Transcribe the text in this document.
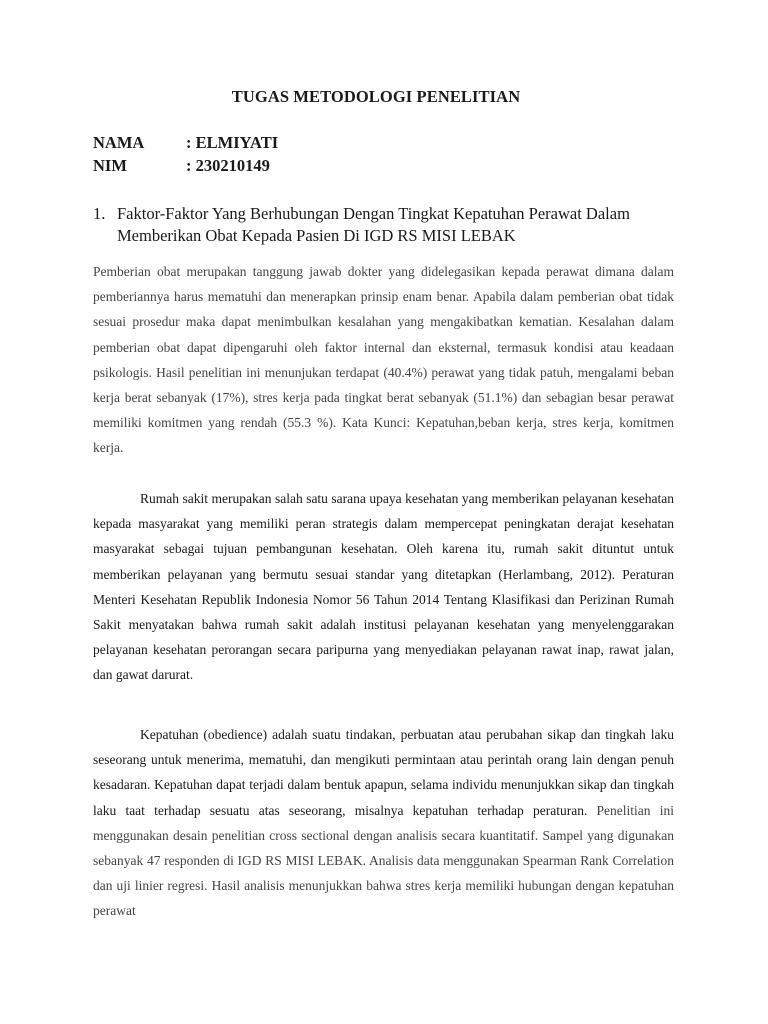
TUGAS METODOLOGI PENELITIAN
NAMA	: ELMIYATI
NIM	: 230210149
1. Faktor-Faktor Yang Berhubungan Dengan Tingkat Kepatuhan Perawat Dalam Memberikan Obat Kepada Pasien Di IGD RS MISI LEBAK

Pemberian obat merupakan tanggung jawab dokter yang didelegasikan kepada perawat dimana dalam pemberiannya harus mematuhi dan menerapkan prinsip enam benar. Apabila dalam pemberian obat tidak sesuai prosedur maka dapat menimbulkan kesalahan yang mengakibatkan kematian. Kesalahan dalam pemberian obat dapat dipengaruhi oleh faktor internal dan eksternal, termasuk kondisi atau keadaan psikologis. Hasil penelitian ini menunjukan terdapat (40.4%) perawat yang tidak patuh, mengalami beban kerja berat sebanyak (17%), stres kerja pada tingkat berat sebanyak (51.1%) dan sebagian besar perawat memiliki komitmen yang rendah (55.3 %). Kata Kunci: Kepatuhan,beban kerja, stres kerja, komitmen kerja.

Rumah sakit merupakan salah satu sarana upaya kesehatan yang memberikan pelayanan kesehatan kepada masyarakat yang memiliki peran strategis dalam mempercepat peningkatan derajat kesehatan masyarakat sebagai tujuan pembangunan kesehatan. Oleh karena itu, rumah sakit dituntut untuk memberikan pelayanan yang bermutu sesuai standar yang ditetapkan (Herlambang, 2012). Peraturan Menteri Kesehatan Republik Indonesia Nomor 56 Tahun 2014 Tentang Klasifikasi dan Perizinan Rumah Sakit menyatakan bahwa rumah sakit adalah institusi pelayanan kesehatan yang menyelenggarakan pelayanan kesehatan perorangan secara paripurna yang menyediakan pelayanan rawat inap, rawat jalan, dan gawat darurat.

Kepatuhan (obedience) adalah suatu tindakan, perbuatan atau perubahan sikap dan tingkah laku seseorang untuk menerima, mematuhi, dan mengikuti permintaan atau perintah orang lain dengan penuh kesadaran. Kepatuhan dapat terjadi dalam bentuk apapun, selama individu menunjukkan sikap dan tingkah laku taat terhadap sesuatu atas seseorang, misalnya kepatuhan terhadap peraturan. Penelitian ini menggunakan desain penelitian cross sectional dengan analisis secara kuantitatif. Sampel yang digunakan sebanyak 47 responden di IGD RS MISI LEBAK. Analisis data menggunakan Spearman Rank Correlation dan uji linier regresi. Hasil analisis menunjukkan bahwa stres kerja memiliki hubungan dengan kepatuhan perawat
